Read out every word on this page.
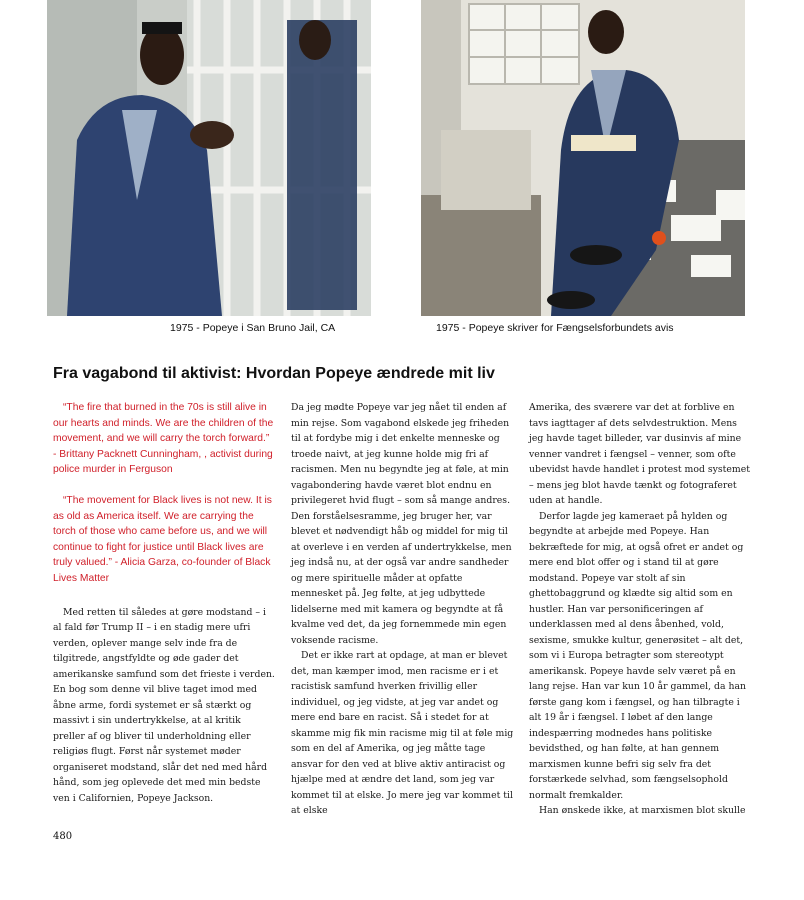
1975 - Popeye i San Bruno Jail, CA	1975 - Popeye skriver for Fængselsforbundets avis
Fra vagabond til aktivist: Hvordan Popeye ændrede mit liv

“The fire that burned in the 70s is still alive in our hearts and minds. We are the children of the movement, and we will carry the torch forward.” - Brittany Packnett Cunningham, , activist during police murder in Ferguson

“The movement for Black lives is not new. It is as old as America itself. We are carrying the torch of those who came before us, and we will continue to fight for justice until Black lives are truly valued.” - Alicia Garza, co-founder of Black Lives Matter

Med retten til således at gøre modstand – i al fald før Trump II – i en stadig mere ufri verden, oplever mange selv inde fra de tilgitrede, angstfyldte og øde gader det amerikanske samfund som det frieste i verden. En bog som denne vil blive taget imod med åbne arme, fordi systemet er så stærkt og massivt i sin undertrykkelse, at al kritik preller af og bliver til underholdning eller religiøs flugt. Først når systemet møder organiseret modstand, slår det ned med hård hånd, som jeg oplevede det med min bedste ven i Californien, Popeye Jackson.

Da jeg mødte Popeye var jeg nået til enden af min rejse. Som vagabond elskede jeg friheden til at fordybe mig i det enkelte menneske og troede naivt, at jeg kunne holde mig fri af racismen. Men nu begyndte jeg at føle, at min vagabondering havde været blot endnu en privilegeret hvid flugt – som så mange andres. Den forståelsesramme, jeg bruger her, var blevet et nødvendigt håb og middel for mig til at overleve i en verden af undertrykkelse, men jeg indså nu, at der også var andre sandheder og mere spirituelle måder at opfatte mennesket på. Jeg følte, at jeg udbyttede lidelserne med mit kamera og begyndte at få kvalme ved det, da jeg fornemmede min egen voksende racisme.

Det er ikke rart at opdage, at man er blevet det, man kæmper imod, men racisme er i et racistisk samfund hverken frivillig eller individuel, og jeg vidste, at jeg var andet og mere end bare en racist. Så i stedet for at skamme mig fik min racisme mig til at føle mig som en del af Amerika, og jeg måtte tage ansvar for den ved at blive aktiv antiracist og hjælpe med at ændre det land, som jeg var kommet til at elske. Jo mere jeg var kommet til at elske

Amerika, des sværere var det at forblive en tavs iagttager af dets selvdestruktion. Mens jeg havde taget billeder, var dusinvis af mine venner vandret i fængsel – venner, som ofte ubevidst havde handlet i protest mod systemet – mens jeg blot havde tænkt og fotograferet uden at handle.

Derfor lagde jeg kameraet på hylden og begyndte at arbejde med Popeye. Han bekræftede for mig, at også ofret er andet og mere end blot offer og i stand til at gøre modstand. Popeye var stolt af sin ghettobaggrund og klædte sig altid som en hustler. Han var personificeringen af underklassen med al dens åbenhed, vold, sexisme, smukke kultur, generøsitet – alt det, som vi i Europa betragter som stereotypt amerikansk. Popeye havde selv været på en lang rejse. Han var kun 10 år gammel, da han første gang kom i fængsel, og han tilbragte i alt 19 år i fængsel. I løbet af den lange indespærring modnedes hans politiske bevidsthed, og han følte, at han gennem marxismen kunne befri sig selv fra det forstærkede selvhad, som fængselsophold normalt fremkalder.

Han ønskede ikke, at marxismen blot skulle

480
